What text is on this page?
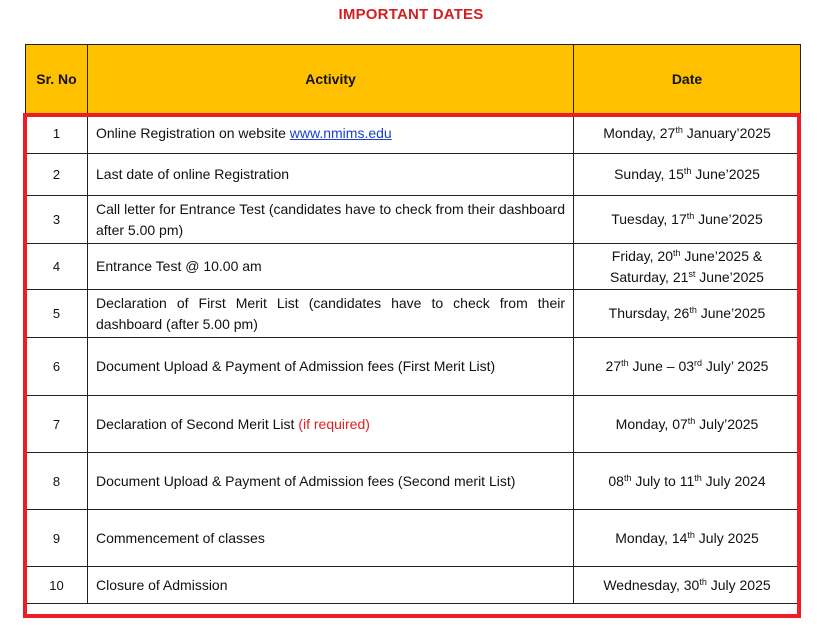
IMPORTANT DATES
Sr. No	Activity	Date
1	Online Registration on website www.nmims.edu	Monday, 27th January’2025
2	Last date of online Registration	Sunday, 15th June’2025
3	Call letter for Entrance Test (candidates have to check from their dashboard after 5.00 pm)	Tuesday, 17th June’2025
4	Entrance Test @ 10.00 am	Friday, 20th June’2025 &
Saturday, 21st June’2025
5	Declaration of First Merit List (candidates have to check from their dashboard (after 5.00 pm)	Thursday, 26th June’2025
6	Document Upload & Payment of Admission fees (First Merit List)	27th June – 03rd July’ 2025
7	Declaration of Second Merit List (if required)	Monday, 07th July’2025
8	Document Upload & Payment of Admission fees (Second merit List)	08th July to 11th July 2024
9	Commencement of classes	Monday, 14th July 2025
10	Closure of Admission	Wednesday, 30th July 2025
